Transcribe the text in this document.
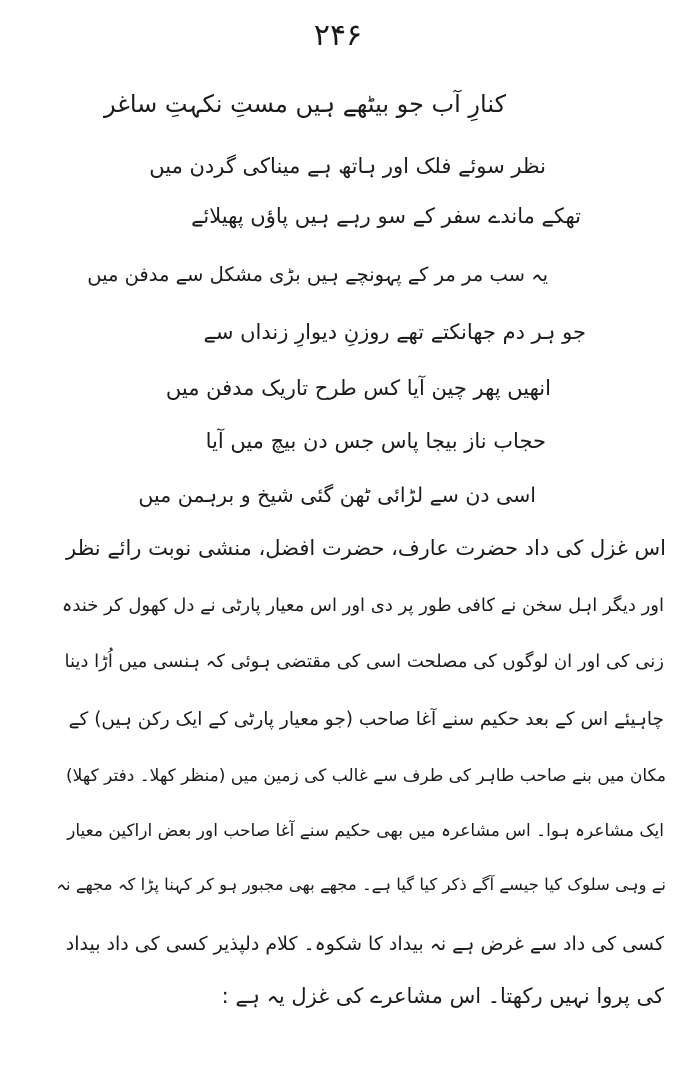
۲۴۶
کنارِ آب جو بیٹھے ہیں مستِ نکہتِ ساغر
نظر سوئے فلک اور ہاتھ ہے میناکی گردن میں
تھکے ماندے سفر کے سو رہے ہیں پاؤں پھیلائے
یہ سب مر مر کے پہونچے ہیں بڑی مشکل سے مدفن میں
جو ہر دم جھانکتے تھے روزنِ دیوارِ زنداں سے
انھیں پھر چین آیا کس طرح تاریک مدفن میں
حجاب ناز بیجا پاس جس دن بیچ میں آیا
اسی دن سے لڑائی ٹھن گئی شیخ و برہمن میں
اس غزل کی داد حضرت عارف، حضرت افضل، منشی نوبت رائے نظر
اور دیگر اہل سخن نے کافی طور پر دی اور اس معیار پارٹی نے دل کھول کر خندہ
زنی کی اور ان لوگوں کی مصلحت اسی کی مقتضی ہوئی کہ ہنسی میں اُڑا دینا
چاہیئے اس کے بعد حکیم سنے آغا صاحب (جو معیار پارٹی کے ایک رکن ہیں) کے
مکان میں بنے صاحب طاہر کی طرف سے غالب کی زمین میں (منظر کھلا۔ دفتر کھلا)
ایک مشاعرہ ہوا۔ اس مشاعرہ میں بھی حکیم سنے آغا صاحب اور بعض اراکین معیار
نے وہی سلوک کیا جیسے آگے ذکر کیا گیا ہے۔ مجھے بھی مجبور ہو کر کہنا پڑا کہ مجھے نہ
کسی کی داد سے غرض ہے نہ بیداد کا شکوہ۔ کلام دلپذیر کسی کی داد بیداد
کی پروا نہیں رکھتا۔ اس مشاعرے کی غزل یہ ہے :
